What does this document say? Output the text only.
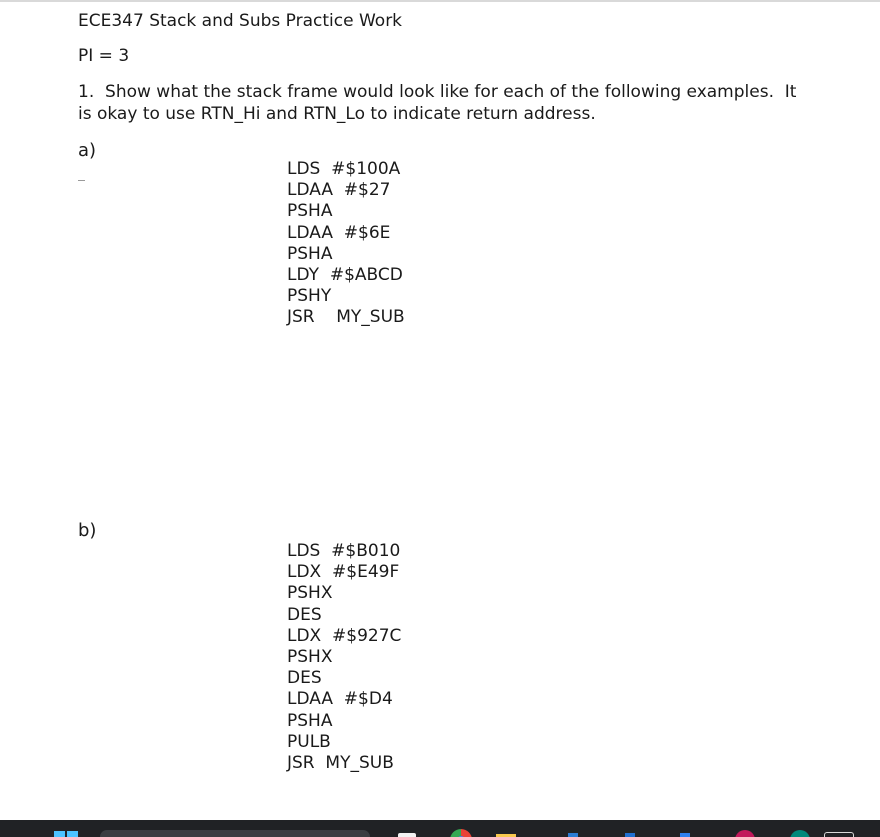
ECE347 Stack and Subs Practice Work
PI = 3
1.  Show what the stack frame would look like for each of the following examples.  It
is okay to use RTN_Hi and RTN_Lo to indicate return address.
a)
LDS  #$100A
LDAA  #$27
PSHA
LDAA  #$6E
PSHA
LDY  #$ABCD
PSHY
JSR    MY_SUB
b)
LDS  #$B010
LDX  #$E49F
PSHX
DES
LDX  #$927C
PSHX
DES
LDAA  #$D4
PSHA
PULB
JSR  MY_SUB
